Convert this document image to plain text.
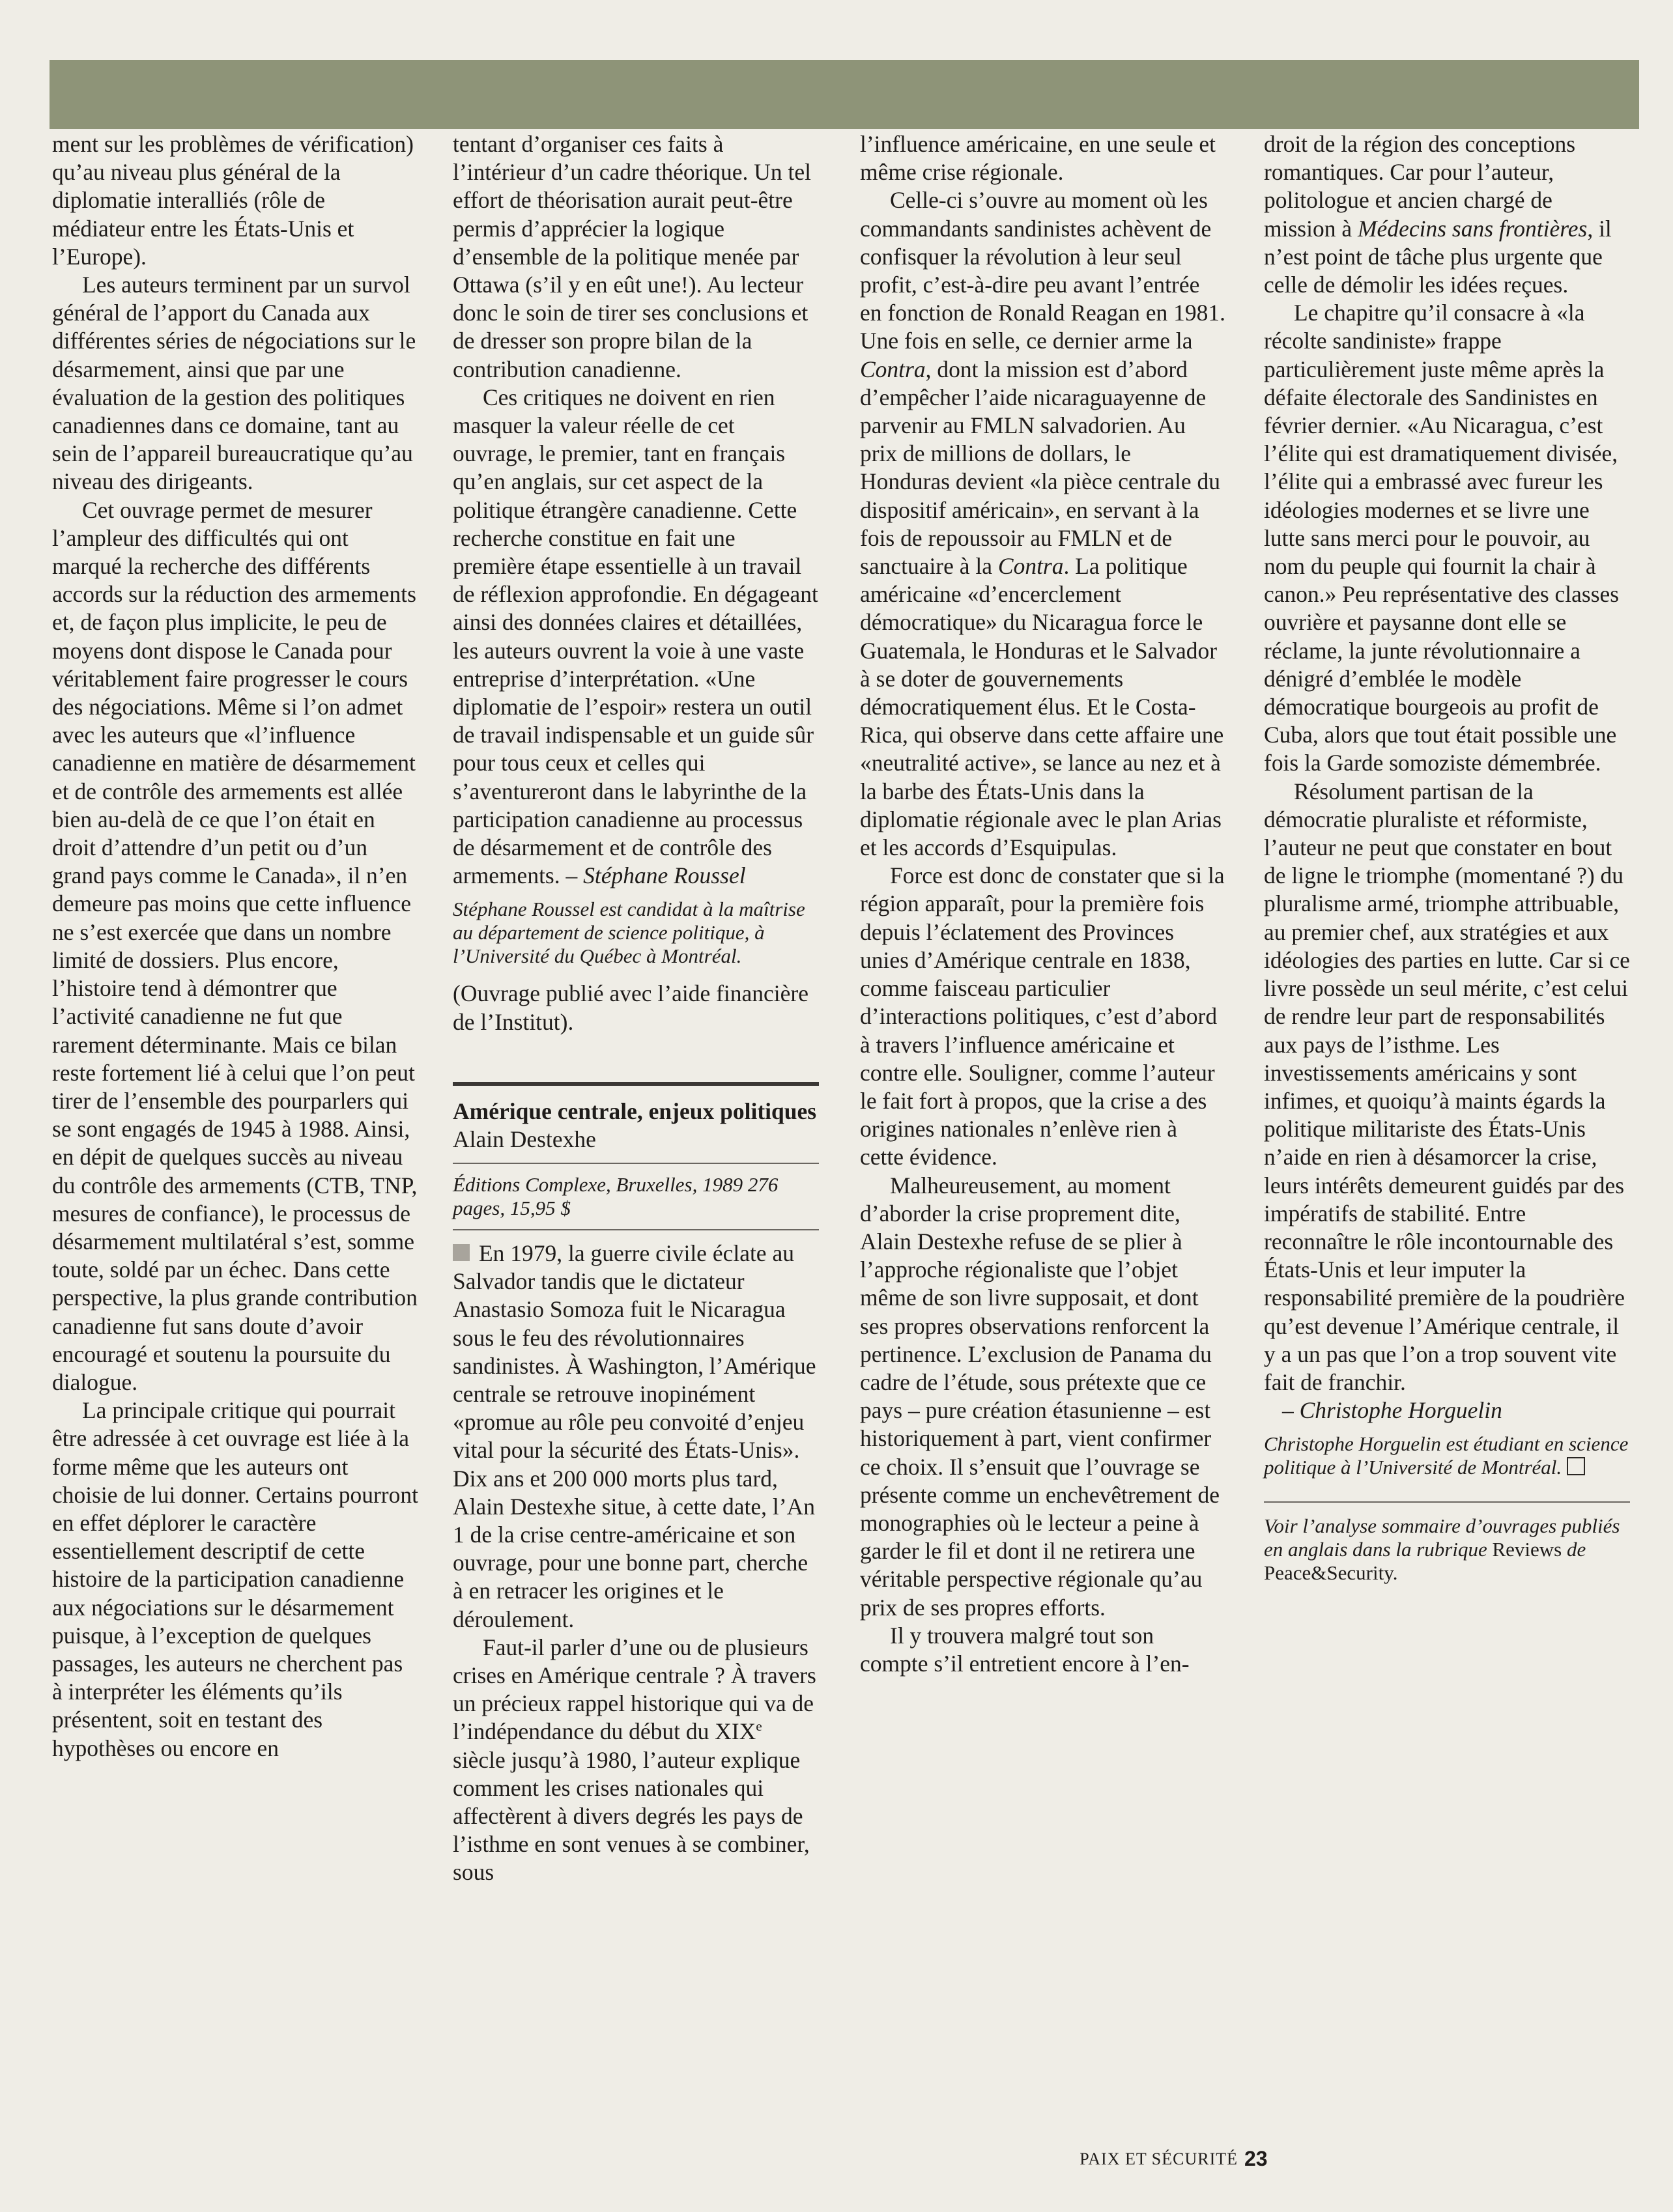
ment sur les problèmes de vérification) qu’au niveau plus général de la diplomatie interalliés (rôle de médiateur entre les États-Unis et l’Europe).

Les auteurs terminent par un survol général de l’apport du Canada aux différentes séries de négociations sur le désarmement, ainsi que par une évaluation de la gestion des politiques canadiennes dans ce domaine, tant au sein de l’appareil bureaucratique qu’au niveau des dirigeants.

Cet ouvrage permet de mesurer l’ampleur des difficultés qui ont marqué la recherche des différents accords sur la réduction des armements et, de façon plus implicite, le peu de moyens dont dispose le Canada pour véritablement faire progresser le cours des négociations. Même si l’on admet avec les auteurs que «l’influence canadienne en matière de désarmement et de contrôle des armements est allée bien au-delà de ce que l’on était en droit d’attendre d’un petit ou d’un grand pays comme le Canada», il n’en demeure pas moins que cette influence ne s’est exercée que dans un nombre limité de dossiers. Plus encore, l’histoire tend à démontrer que l’activité canadienne ne fut que rarement déterminante. Mais ce bilan reste fortement lié à celui que l’on peut tirer de l’ensemble des pourparlers qui se sont engagés de 1945 à 1988. Ainsi, en dépit de quelques succès au niveau du contrôle des armements (CTB, TNP, mesures de confiance), le processus de désarmement multilatéral s’est, somme toute, soldé par un échec. Dans cette perspective, la plus grande contribution canadienne fut sans doute d’avoir encouragé et soutenu la poursuite du dialogue.

La principale critique qui pourrait être adressée à cet ouvrage est liée à la forme même que les auteurs ont choisie de lui donner. Certains pourront en effet déplorer le caractère essentiellement descriptif de cette histoire de la participation canadienne aux négociations sur le désarmement puisque, à l’exception de quelques passages, les auteurs ne cherchent pas à interpréter les éléments qu’ils présentent, soit en testant des hypothèses ou encore en

tentant d’organiser ces faits à l’intérieur d’un cadre théorique. Un tel effort de théorisation aurait peut-être permis d’apprécier la logique d’ensemble de la politique menée par Ottawa (s’il y en eût une!). Au lecteur donc le soin de tirer ses conclusions et de dresser son propre bilan de la contribution canadienne.

Ces critiques ne doivent en rien masquer la valeur réelle de cet ouvrage, le premier, tant en français qu’en anglais, sur cet aspect de la politique étrangère canadienne. Cette recherche constitue en fait une première étape essentielle à un travail de réflexion approfondie. En dégageant ainsi des données claires et détaillées, les auteurs ouvrent la voie à une vaste entreprise d’interprétation. «Une diplomatie de l’espoir» restera un outil de travail indispensable et un guide sûr pour tous ceux et celles qui s’aventureront dans le labyrinthe de la participation canadienne au processus de désarmement et de contrôle des armements. – Stéphane Roussel

Stéphane Roussel est candidat à la maîtrise au département de science politique, à l’Université du Québec à Montréal.

(Ouvrage publié avec l’aide financière de l’Institut).

Amérique centrale, enjeux politiques
Alain Destexhe
Éditions Complexe, Bruxelles, 1989 276 pages, 15,95 $

En 1979, la guerre civile éclate au Salvador tandis que le dictateur Anastasio Somoza fuit le Nicaragua sous le feu des révolutionnaires sandinistes. À Washington, l’Amérique centrale se retrouve inopinément «promue au rôle peu convoité d’enjeu vital pour la sécurité des États-Unis». Dix ans et 200 000 morts plus tard, Alain Destexhe situe, à cette date, l’An 1 de la crise centre-américaine et son ouvrage, pour une bonne part, cherche à en retracer les origines et le déroulement.

Faut-il parler d’une ou de plusieurs crises en Amérique centrale ? À travers un précieux rappel historique qui va de l’indépendance du début du XIXe siècle jusqu’à 1980, l’auteur explique comment les crises nationales qui affectèrent à divers degrés les pays de l’isthme en sont venues à se combiner, sous

l’influence américaine, en une seule et même crise régionale.

Celle-ci s’ouvre au moment où les commandants sandinistes achèvent de confisquer la révolution à leur seul profit, c’est-à-dire peu avant l’entrée en fonction de Ronald Reagan en 1981. Une fois en selle, ce dernier arme la Contra, dont la mission est d’abord d’empêcher l’aide nicaraguayenne de parvenir au FMLN salvadorien. Au prix de millions de dollars, le Honduras devient «la pièce centrale du dispositif américain», en servant à la fois de repoussoir au FMLN et de sanctuaire à la Contra. La politique américaine «d’encerclement démocratique» du Nicaragua force le Guatemala, le Honduras et le Salvador à se doter de gouvernements démocratiquement élus. Et le Costa-Rica, qui observe dans cette affaire une «neutralité active», se lance au nez et à la barbe des États-Unis dans la diplomatie régionale avec le plan Arias et les accords d’Esquipulas.

Force est donc de constater que si la région apparaît, pour la première fois depuis l’éclatement des Provinces unies d’Amérique centrale en 1838, comme faisceau particulier d’interactions politiques, c’est d’abord à travers l’influence américaine et contre elle. Souligner, comme l’auteur le fait fort à propos, que la crise a des origines nationales n’enlève rien à cette évidence.

Malheureusement, au moment d’aborder la crise proprement dite, Alain Destexhe refuse de se plier à l’approche régionaliste que l’objet même de son livre supposait, et dont ses propres observations renforcent la pertinence. L’exclusion de Panama du cadre de l’étude, sous prétexte que ce pays – pure création étasunienne – est historiquement à part, vient confirmer ce choix. Il s’ensuit que l’ouvrage se présente comme un enchevêtrement de monographies où le lecteur a peine à garder le fil et dont il ne retirera une véritable perspective régionale qu’au prix de ses propres efforts.

Il y trouvera malgré tout son compte s’il entretient encore à l’en-

droit de la région des conceptions romantiques. Car pour l’auteur, politologue et ancien chargé de mission à Médecins sans frontières, il n’est point de tâche plus urgente que celle de démolir les idées reçues.

Le chapitre qu’il consacre à «la récolte sandiniste» frappe particulièrement juste même après la défaite électorale des Sandinistes en février dernier. «Au Nicaragua, c’est l’élite qui est dramatiquement divisée, l’élite qui a embrassé avec fureur les idéologies modernes et se livre une lutte sans merci pour le pouvoir, au nom du peuple qui fournit la chair à canon.» Peu représentative des classes ouvrière et paysanne dont elle se réclame, la junte révolutionnaire a dénigré d’emblée le modèle démocratique bourgeois au profit de Cuba, alors que tout était possible une fois la Garde somoziste démembrée.

Résolument partisan de la démocratie pluraliste et réformiste, l’auteur ne peut que constater en bout de ligne le triomphe (momentané ?) du pluralisme armé, triomphe attribuable, au premier chef, aux stratégies et aux idéologies des parties en lutte. Car si ce livre possède un seul mérite, c’est celui de rendre leur part de responsabilités aux pays de l’isthme. Les investissements américains y sont infimes, et quoiqu’à maints égards la politique militariste des États-Unis n’aide en rien à désamorcer la crise, leurs intérêts demeurent guidés par des impératifs de stabilité. Entre reconnaître le rôle incontournable des États-Unis et leur imputer la responsabilité première de la poudrière qu’est devenue l’Amérique centrale, il y a un pas que l’on a trop souvent vite fait de franchir.

– Christophe Horguelin

Christophe Horguelin est étudiant en science politique à l’Université de Montréal.

Voir l’analyse sommaire d’ouvrages publiés en anglais dans la rubrique Reviews de Peace&Security.

PAIX ET SÉCURITÉ 23
